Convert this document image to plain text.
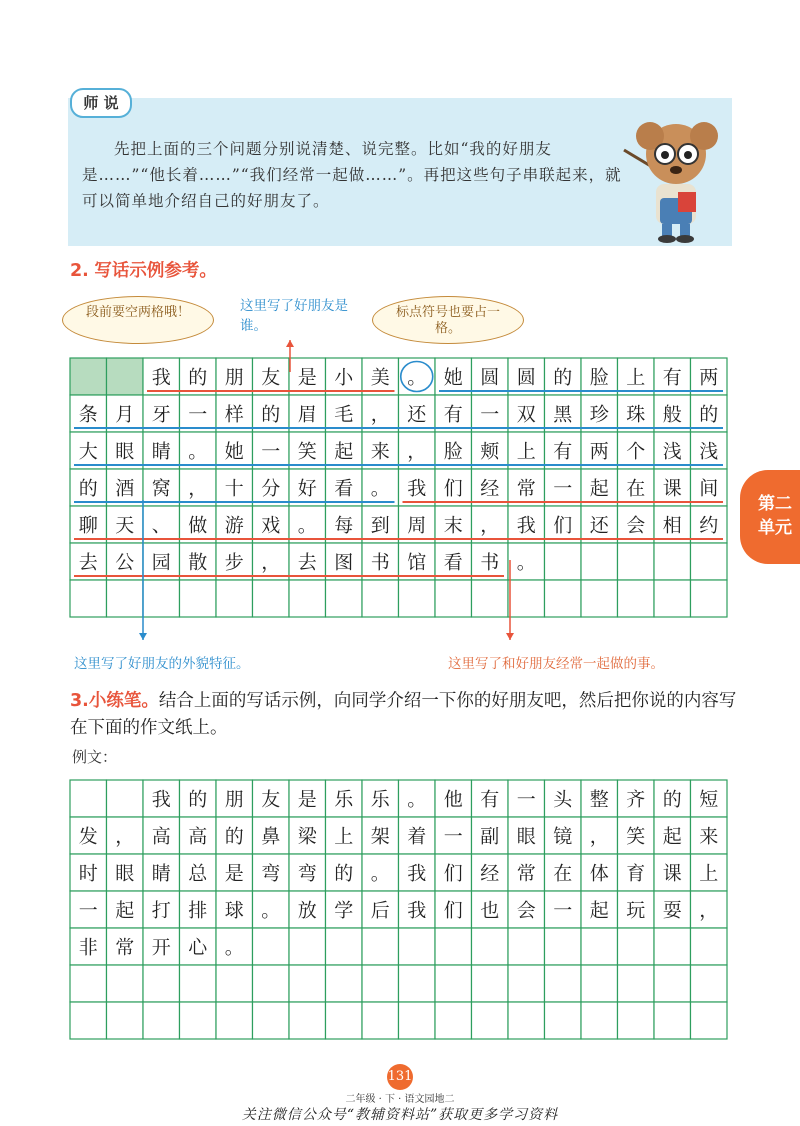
师 说
先把上面的三个问题分别说清楚、说完整。比如“我的好朋友是……”“他长着……”“我们经常一起做……”。再把这些句子串联起来，就可以简单地介绍自己的好朋友了。
2. 写话示例参考。
段前要空两格哦！	标点符号也要占一格。
这里写了好朋友是谁。
这里写了好朋友的外貌特征。	这里写了和好朋友经常一起做的事。
我 的 朋 友 是 小 美 。 她 圆 圆 的 脸 上 有 两
条 月 牙 一 样 的 眉 毛 ， 还 有 一 双 黑 珍 珠 般 的
大 眼 睛 。 她 一 笑 起 来 ， 脸 颊 上 有 两 个 浅 浅
的 酒 窝 ， 十 分 好 看 。 我 们 经 常 一 起 在 课 间
聊 天 、 做 游 戏 。 每 到 周 末 ， 我 们 还 会 相 约
去 公 园 散 步 ， 去 图 书 馆 看 书 。
第二
单元
3.小练笔。结合上面的写话示例，向同学介绍一下你的好朋友吧，然后把你说的内容写在下面的作文纸上。
例文：
我 的 朋 友 是 乐 乐 。 他 有 一 头 整 齐 的 短
发 ， 高 高 的 鼻 梁 上 架 着 一 副 眼 镜 ， 笑 起 来
时 眼 睛 总 是 弯 弯 的 。 我 们 经 常 在 体 育 课 上
一 起 打 排 球 。 放 学 后 我 们 也 会 一 起 玩 耍 ，
非 常 开 心 。
131
二年级 · 下 · 语文园地二
关注微信公众号“教辅资料站”获取更多学习资料
